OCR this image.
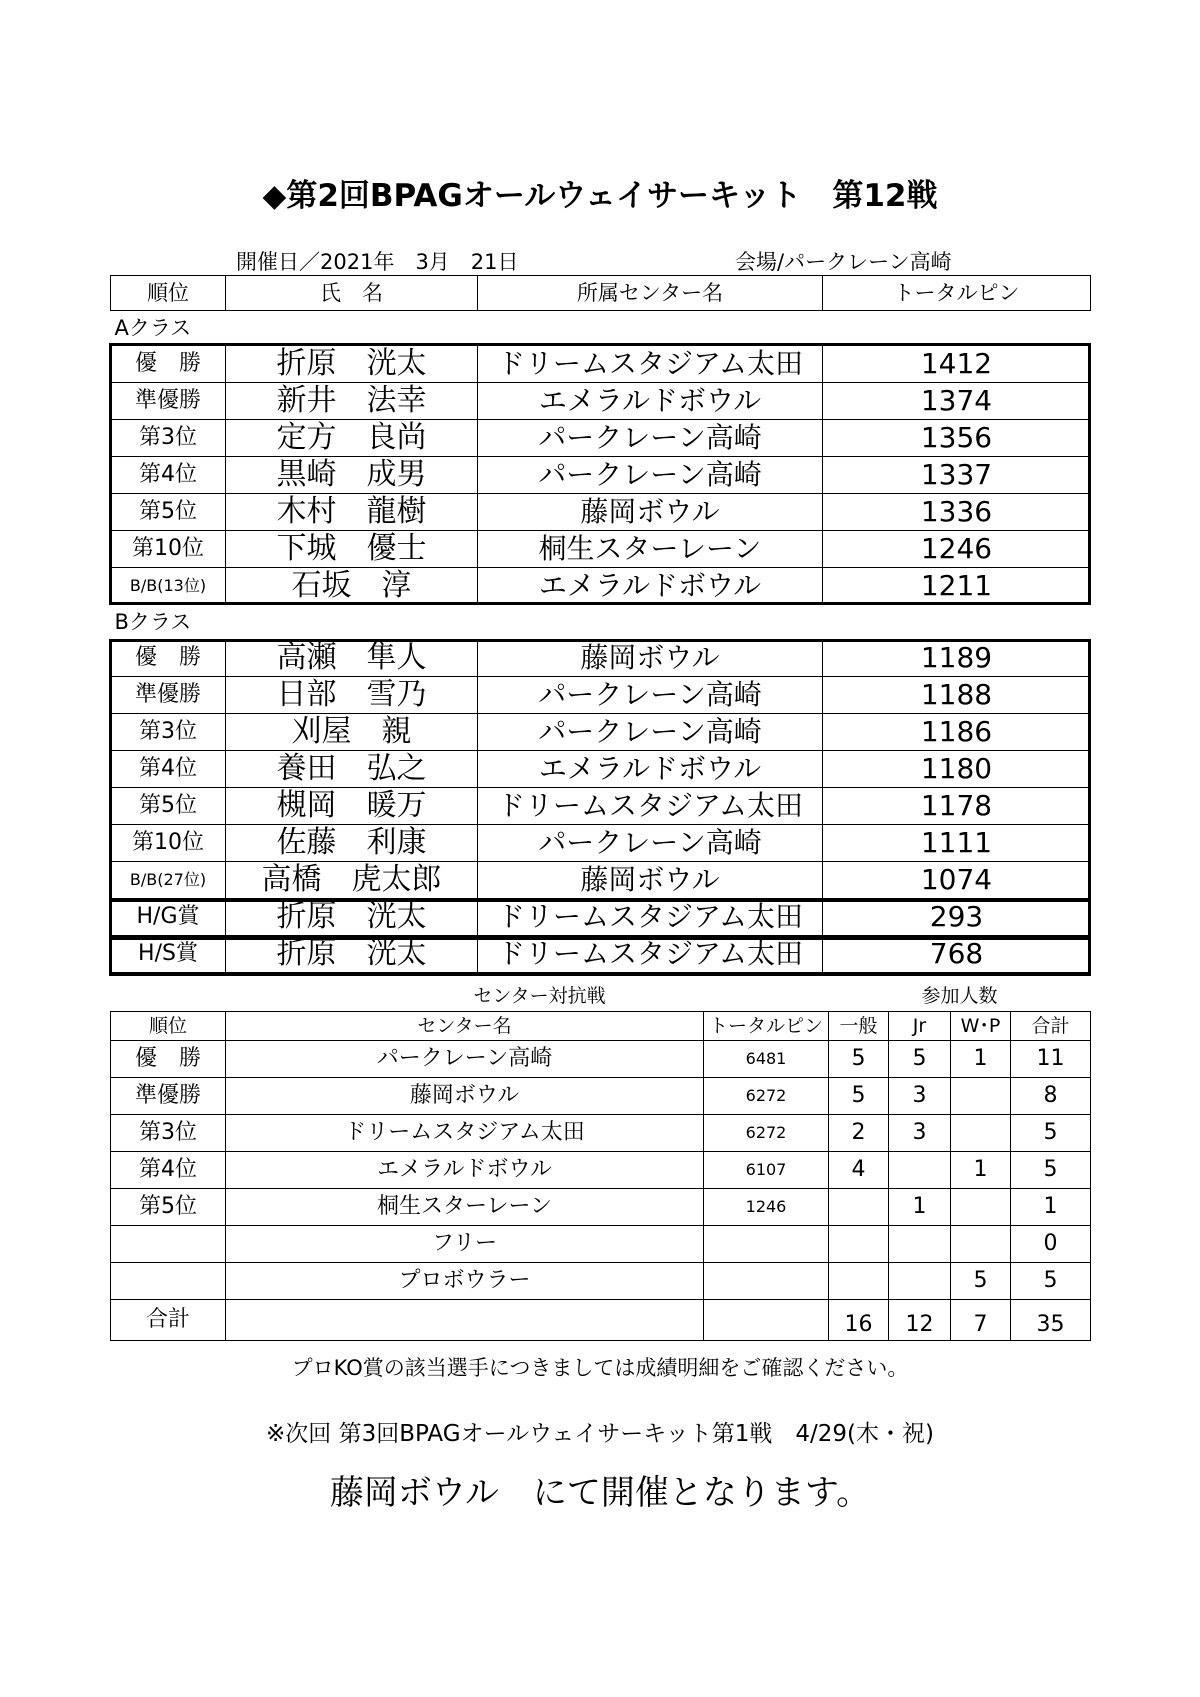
◆第2回BPAGオールウェイサーキット　第12戦
開催日／2021年　3月　21日	会場/パークレーン高崎
順位	氏　名	所属センター名	トータルピン
Aクラス			
優　勝	折原　洸太	ドリームスタジアム太田	1412
準優勝	新井　法幸	エメラルドボウル	1374
第3位	定方　良尚	パークレーン高崎	1356
第4位	黒崎　成男	パークレーン高崎	1337
第5位	木村　龍樹	藤岡ボウル	1336
第10位	下城　優士	桐生スターレーン	1246
B/B(13位)	石坂　淳	エメラルドボウル	1211
Bクラス			
優　勝	高瀬　隼人	藤岡ボウル	1189
準優勝	日部　雪乃	パークレーン高崎	1188
第3位	刈屋　親	パークレーン高崎	1186
第4位	養田　弘之	エメラルドボウル	1180
第5位	槻岡　暖万	ドリームスタジアム太田	1178
第10位	佐藤　利康	パークレーン高崎	1111
B/B(27位)	高橋　虎太郎	藤岡ボウル	1074
H/G賞	折原　洸太	ドリームスタジアム太田	293
H/S賞	折原　洸太	ドリームスタジアム太田	768
センター対抗戦			参加人数			
順位	センター名	トータルピン	一般	Jr	W･P	合計
優　勝	パークレーン高崎	6481	5	5	1	11
準優勝	藤岡ボウル	6272	5	3		8
第3位	ドリームスタジアム太田	6272	2	3		5
第4位	エメラルドボウル	6107	4		1	5
第5位	桐生スターレーン	1246		1		1
	フリー					0
	プロボウラー				5	5
合計			16	12	7	35
プロKO賞の該当選手につきましては成績明細をご確認ください。
※次回 第3回BPAGオールウェイサーキット第1戦　4/29(木・祝)
藤岡ボウル　にて開催となります。
